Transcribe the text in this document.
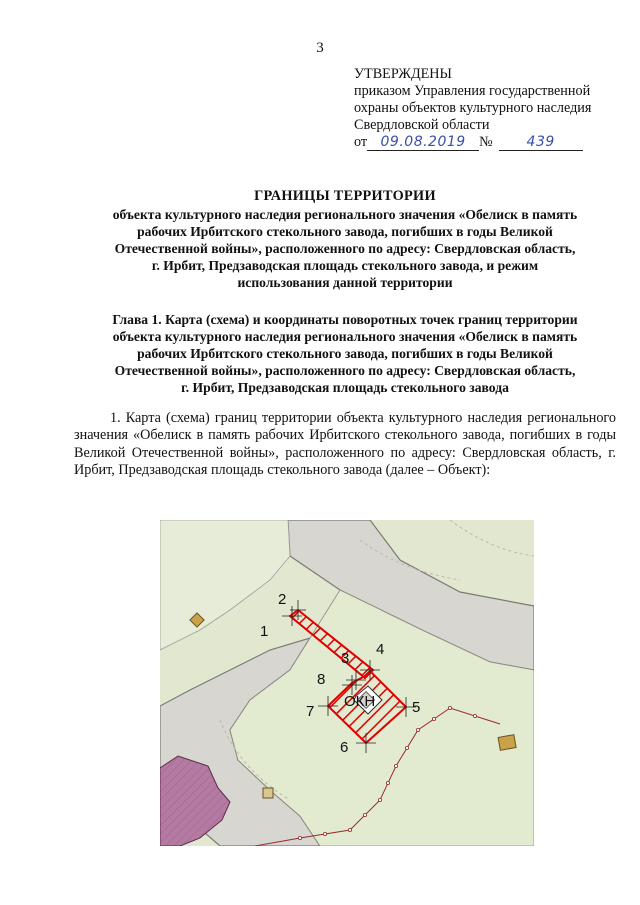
3
УТВЕРЖДЕНЫ
приказом Управления государственной
охраны объектов культурного наследия
Свердловской области
от 09.08.2019 №	439
ГРАНИЦЫ ТЕРРИТОРИИ
объекта культурного наследия регионального значения «Обелиск в память
рабочих Ирбитского стекольного завода, погибших в годы Великой
Отечественной войны», расположенного по адресу: Свердловская область,
г. Ирбит, Предзаводская площадь стекольного завода, и режим
использования данной территории
Глава 1. Карта (схема) и координаты поворотных точек границ территории
объекта культурного наследия регионального значения «Обелиск в память
рабочих Ирбитского стекольного завода, погибших в годы Великой
Отечественной войны», расположенного по адресу: Свердловская область,
г. Ирбит, Предзаводская площадь стекольного завода
1. Карта (схема) границ территории объекта культурного наследия регионального значения «Обелиск в память рабочих Ирбитского стекольного завода, погибших в годы Великой Отечественной войны», расположенного по адресу: Свердловская область, г. Ирбит, Предзаводская площадь стекольного завода (далее – Объект):
1
2
3
4
5
6
7
8
ОКН
